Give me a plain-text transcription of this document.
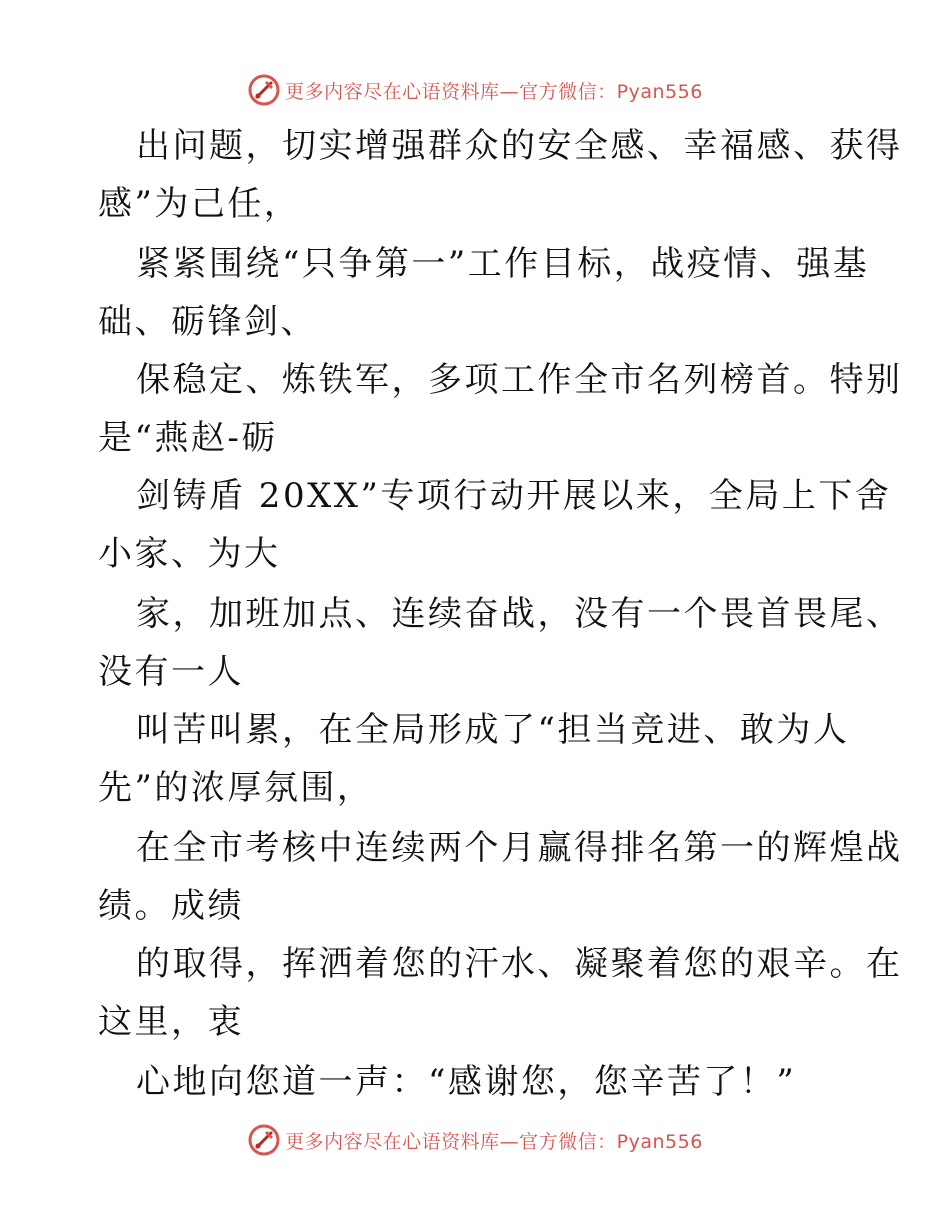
更多内容尽在心语资料库—官方微信：Pyan556
出问题，切实增强群众的安全感、幸福感、获得
感”为己任，
紧紧围绕“只争第一”工作目标，战疫情、强基
础、砺锋剑、
保稳定、炼铁军，多项工作全市名列榜首。特别
是“燕赵-砺
剑铸盾 20XX”专项行动开展以来，全局上下舍
小家、为大
家，加班加点、连续奋战，没有一个畏首畏尾、
没有一人
叫苦叫累，在全局形成了“担当竞进、敢为人
先”的浓厚氛围，
在全市考核中连续两个月赢得排名第一的辉煌战
绩。成绩
的取得，挥洒着您的汗水、凝聚着您的艰辛。在
这里，衷
心地向您道一声：“感谢您，您辛苦了！”
更多内容尽在心语资料库—官方微信：Pyan556
